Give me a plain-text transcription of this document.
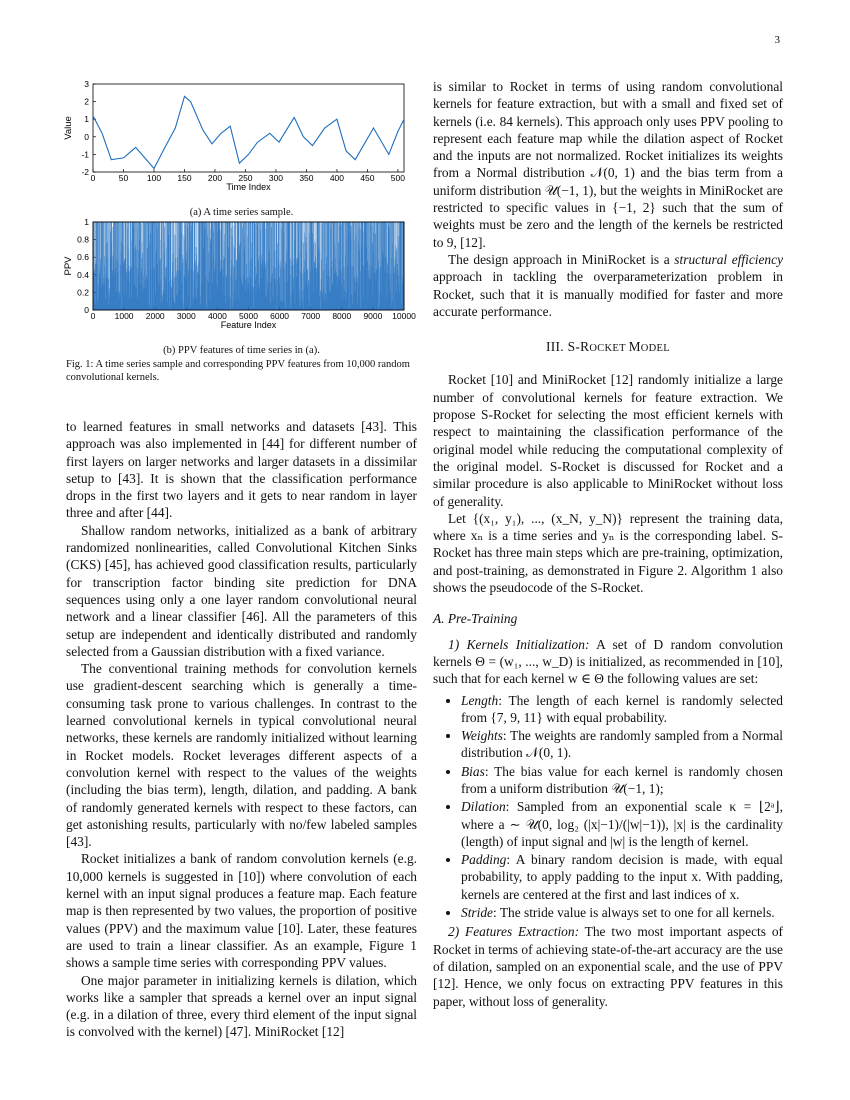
3
0	50 100 150 200 250 300 350 400 450 500
-2
-1
0
1
2
3
Time Index
Value
(a) A time series sample.
0 1000 2000 3000 4000 5000 6000 7000 8000 9000 10000
0
0.2
0.4
0.6
0.8
1
Feature Index
PPV
(b) PPV features of time series in (a).
Fig. 1: A time series sample and corresponding PPV features from 10,000 random convolutional kernels.

to learned features in small networks and datasets [43]. This approach was also implemented in [44] for different number of first layers on larger networks and larger datasets in a dissimilar setup to [43]. It is shown that the classification performance drops in the first two layers and it gets to near random in layer three and after [44].

Shallow random networks, initialized as a bank of arbitrary randomized nonlinearities, called Convolutional Kitchen Sinks (CKS) [45], has achieved good classification results, particularly for transcription factor binding site prediction for DNA sequences using only a one layer random convolutional neural network and a linear classifier [46]. All the parameters of this setup are independent and identically distributed and randomly selected from a Gaussian distribution with a fixed variance.

The conventional training methods for convolution kernels use gradient-descent searching which is generally a time-consuming task prone to various challenges. In contrast to the learned convolutional kernels in typical convolutional neural networks, these kernels are randomly initialized without learning in Rocket models. Rocket leverages different aspects of a convolution kernel with respect to the values of the weights (including the bias term), length, dilation, and padding. A bank of randomly generated kernels with respect to these factors, can get astonishing results, particularly with no/few labeled samples [43].

Rocket initializes a bank of random convolution kernels (e.g. 10,000 kernels is suggested in [10]) where convolution of each kernel with an input signal produces a feature map. Each feature map is then represented by two values, the proportion of positive values (PPV) and the maximum value [10]. Later, these features are used to train a linear classifier. As an example, Figure 1 shows a sample time series with corresponding PPV values.

One major parameter in initializing kernels is dilation, which works like a sampler that spreads a kernel over an input signal (e.g. in a dilation of three, every third element of the input signal is convolved with the kernel) [47]. MiniRocket [12]

is similar to Rocket in terms of using random convolutional kernels for feature extraction, but with a small and fixed set of kernels (i.e. 84 kernels). This approach only uses PPV pooling to represent each feature map while the dilation aspect of Rocket and the inputs are not normalized. Rocket initializes its weights from a Normal distribution 𝒩(0, 1) and the bias term from a uniform distribution 𝒰(−1, 1), but the weights in MiniRocket are restricted to specific values in {−1, 2} such that the sum of weights must be zero and the length of the kernels be restricted to 9, [12].

The design approach in MiniRocket is a structural efficiency approach in tackling the overparameterization problem in Rocket, such that it is manually modified for faster and more accurate performance.

III. S-ROCKET MODEL

Rocket [10] and MiniRocket [12] randomly initialize a large number of convolutional kernels for feature extraction. We propose S-Rocket for selecting the most efficient kernels with respect to maintaining the classification performance of the original model while reducing the computational complexity of the original model. S-Rocket is discussed for Rocket and a similar procedure is also applicable to MiniRocket without loss of generality.

Let {(x₁, y₁), ..., (x_N, y_N)} represent the training data, where xₙ is a time series and yₙ is the corresponding label. S-Rocket has three main steps which are pre-training, optimization, and post-training, as demonstrated in Figure 2. Algorithm 1 also shows the pseudocode of the S-Rocket.

A. Pre-Training

1) Kernels Initialization: A set of D random convolution kernels Θ = (w₁, ..., w_D) is initialized, as recommended in [10], such that for each kernel w ∈ Θ the following values are set:

• Length: The length of each kernel is randomly selected from {7, 9, 11} with equal probability.
• Weights: The weights are randomly sampled from a Normal distribution 𝒩(0, 1).
• Bias: The bias value for each kernel is randomly chosen from a uniform distribution 𝒰(−1, 1);
• Dilation: Sampled from an exponential scale κ = ⌊2ᵃ⌋, where a ∼ 𝒰(0, log₂ (|x|−1)/(|w|−1)), |x| is the cardinality (length) of input signal and |w| is the length of kernel.
• Padding: A binary random decision is made, with equal probability, to apply padding to the input x. With padding, kernels are centered at the first and last indices of x.
• Stride: The stride value is always set to one for all kernels.

2) Features Extraction: The two most important aspects of Rocket in terms of achieving state-of-the-art accuracy are the use of dilation, sampled on an exponential scale, and the use of PPV [12]. Hence, we only focus on extracting PPV features in this paper, without loss of generality.
